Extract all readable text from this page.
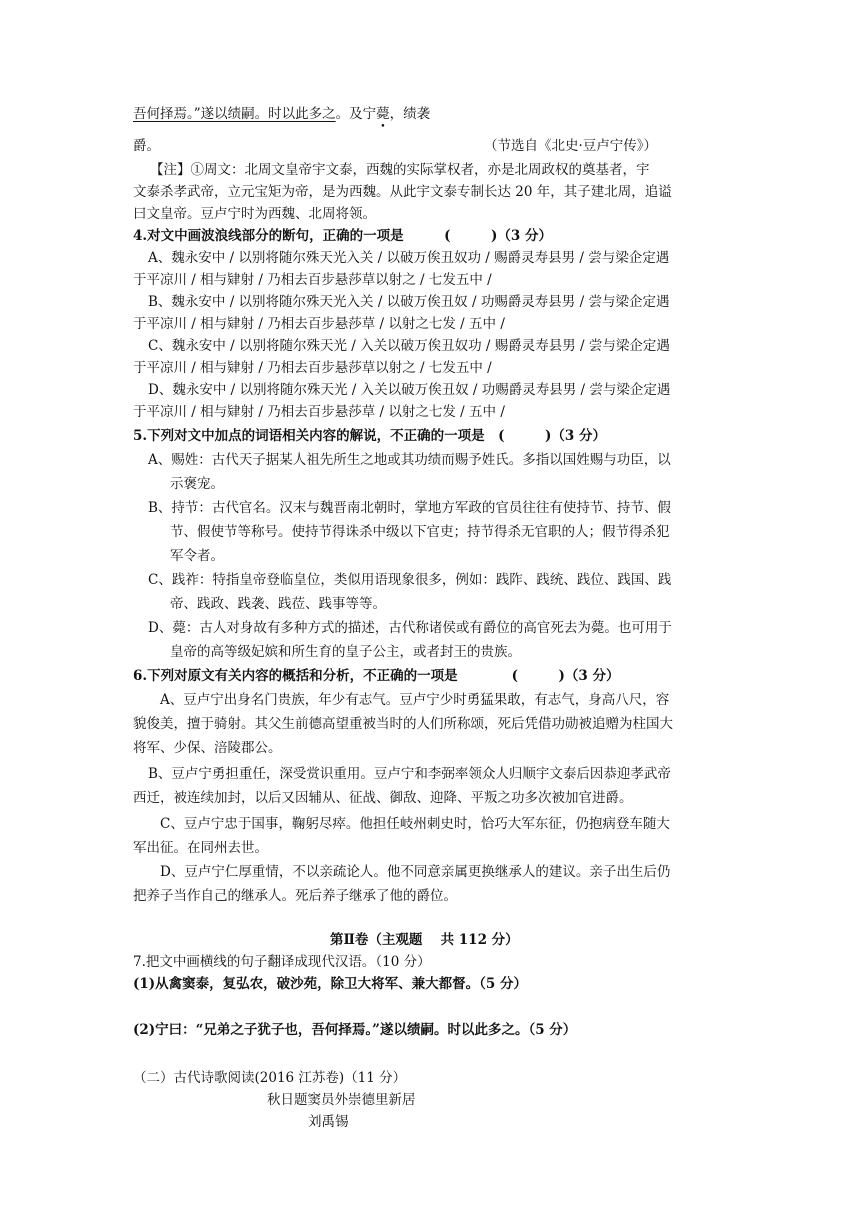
吾何择焉。”遂以绩嗣。时以此多之。及宁薨，绩袭
爵。	（节选自《北史·豆卢宁传》）
【注】①周文：北周文皇帝宇文泰，西魏的实际掌权者，亦是北周政权的奠基者，宇
文泰杀孝武帝，立元宝矩为帝，是为西魏。从此宇文泰专制长达 20 年，其子建北周，追谥
曰文皇帝。豆卢宁时为西魏、北周将领。
4.对文中画波浪线部分的断句，正确的一项是　　　(　　　)（3 分）
A、魏永安中 / 以别将随尔殊天光入关 / 以破万俟丑奴功 / 赐爵灵寿县男 / 尝与梁企定遇
于平凉川 / 相与肄射 / 乃相去百步悬莎草以射之 / 七发五中 /
B、魏永安中 / 以别将随尔殊天光入关 / 以破万俟丑奴 / 功赐爵灵寿县男 / 尝与梁企定遇
于平凉川 / 相与肄射 / 乃相去百步悬莎草 / 以射之七发 / 五中 /
C、魏永安中 / 以别将随尔殊天光 / 入关以破万俟丑奴功 / 赐爵灵寿县男 / 尝与梁企定遇
于平凉川 / 相与肄射 / 乃相去百步悬莎草以射之 / 七发五中 /
D、魏永安中 / 以别将随尔殊天光 / 入关以破万俟丑奴 / 功赐爵灵寿县男 / 尝与梁企定遇
于平凉川 / 相与肄射 / 乃相去百步悬莎草 / 以射之七发 / 五中 /
5.下列对文中加点的词语相关内容的解说，不正确的一项是　(　　　)（3 分）
A、赐姓：古代天子据某人祖先所生之地或其功绩而赐予姓氏。多指以国姓赐与功臣，以
示褒宠。
B、持节：古代官名。汉末与魏晋南北朝时，掌地方军政的官员往往有使持节、持节、假
节、假使节等称号。使持节得诛杀中级以下官吏；持节得杀无官职的人；假节得杀犯
军令者。
C、践祚：特指皇帝登临皇位，类似用语现象很多，例如：践阼、践统、践位、践国、践
帝、践政、践袭、践莅、践事等等。
D、薨：古人对身故有多种方式的描述，古代称诸侯或有爵位的高官死去为薨。也可用于
皇帝的高等级妃嫔和所生育的皇子公主，或者封王的贵族。
6.下列对原文有关内容的概括和分析，不正确的一项是　　　　(　　　)（3 分）
A、豆卢宁出身名门贵族，年少有志气。豆卢宁少时勇猛果敢，有志气，身高八尺，容
貌俊美，擅于骑射。其父生前德高望重被当时的人们所称颂，死后凭借功勋被追赠为柱国大
将军、少保、涪陵郡公。
B、豆卢宁勇担重任，深受赏识重用。豆卢宁和李弼率领众人归顺宇文泰后因恭迎孝武帝
西迁，被连续加封，以后又因辅从、征战、御敌、迎降、平叛之功多次被加官进爵。
C、豆卢宁忠于国事，鞠躬尽瘁。他担任岐州刺史时，恰巧大军东征，仍抱病登车随大
军出征。在同州去世。
D、豆卢宁仁厚重情，不以亲疏论人。他不同意亲属更换继承人的建议。亲子出生后仍
把养子当作自己的继承人。死后养子继承了他的爵位。
第Ⅱ卷（主观题　 共 112 分）
7.把文中画横线的句子翻译成现代汉语。（10 分）
(1)从禽窦泰，复弘农，破沙苑，除卫大将军、兼大都督。（5 分）
(2)宁曰：“兄弟之子犹子也，吾何择焉。”遂以绩嗣。时以此多之。（5 分）
（二）古代诗歌阅读(2016 江苏卷)（11 分）
秋日题窦员外崇德里新居
刘禹锡
